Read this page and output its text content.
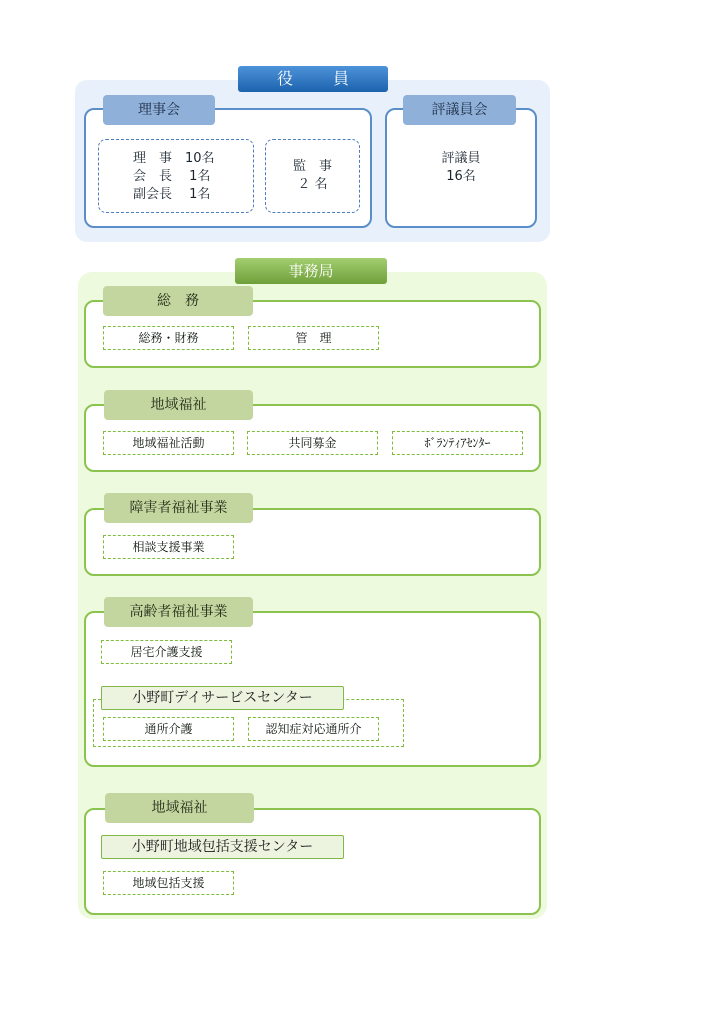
役　員
理事会
理　事　10名
会　長　 1名
副会長　 1名
監　事
２ 名
評議員会
評議員
16名
事務局
総　務
総務・財務	管　理
地域福祉
地域福祉活動	共同募金	ﾎﾞﾗﾝﾃｨｱｾﾝﾀｰ
障害者福祉事業
相談支援事業
高齢者福祉事業
居宅介護支援
小野町デイサービスセンター
通所介護	認知症対応通所介
地域福祉
小野町地域包括支援センター
地域包括支援
